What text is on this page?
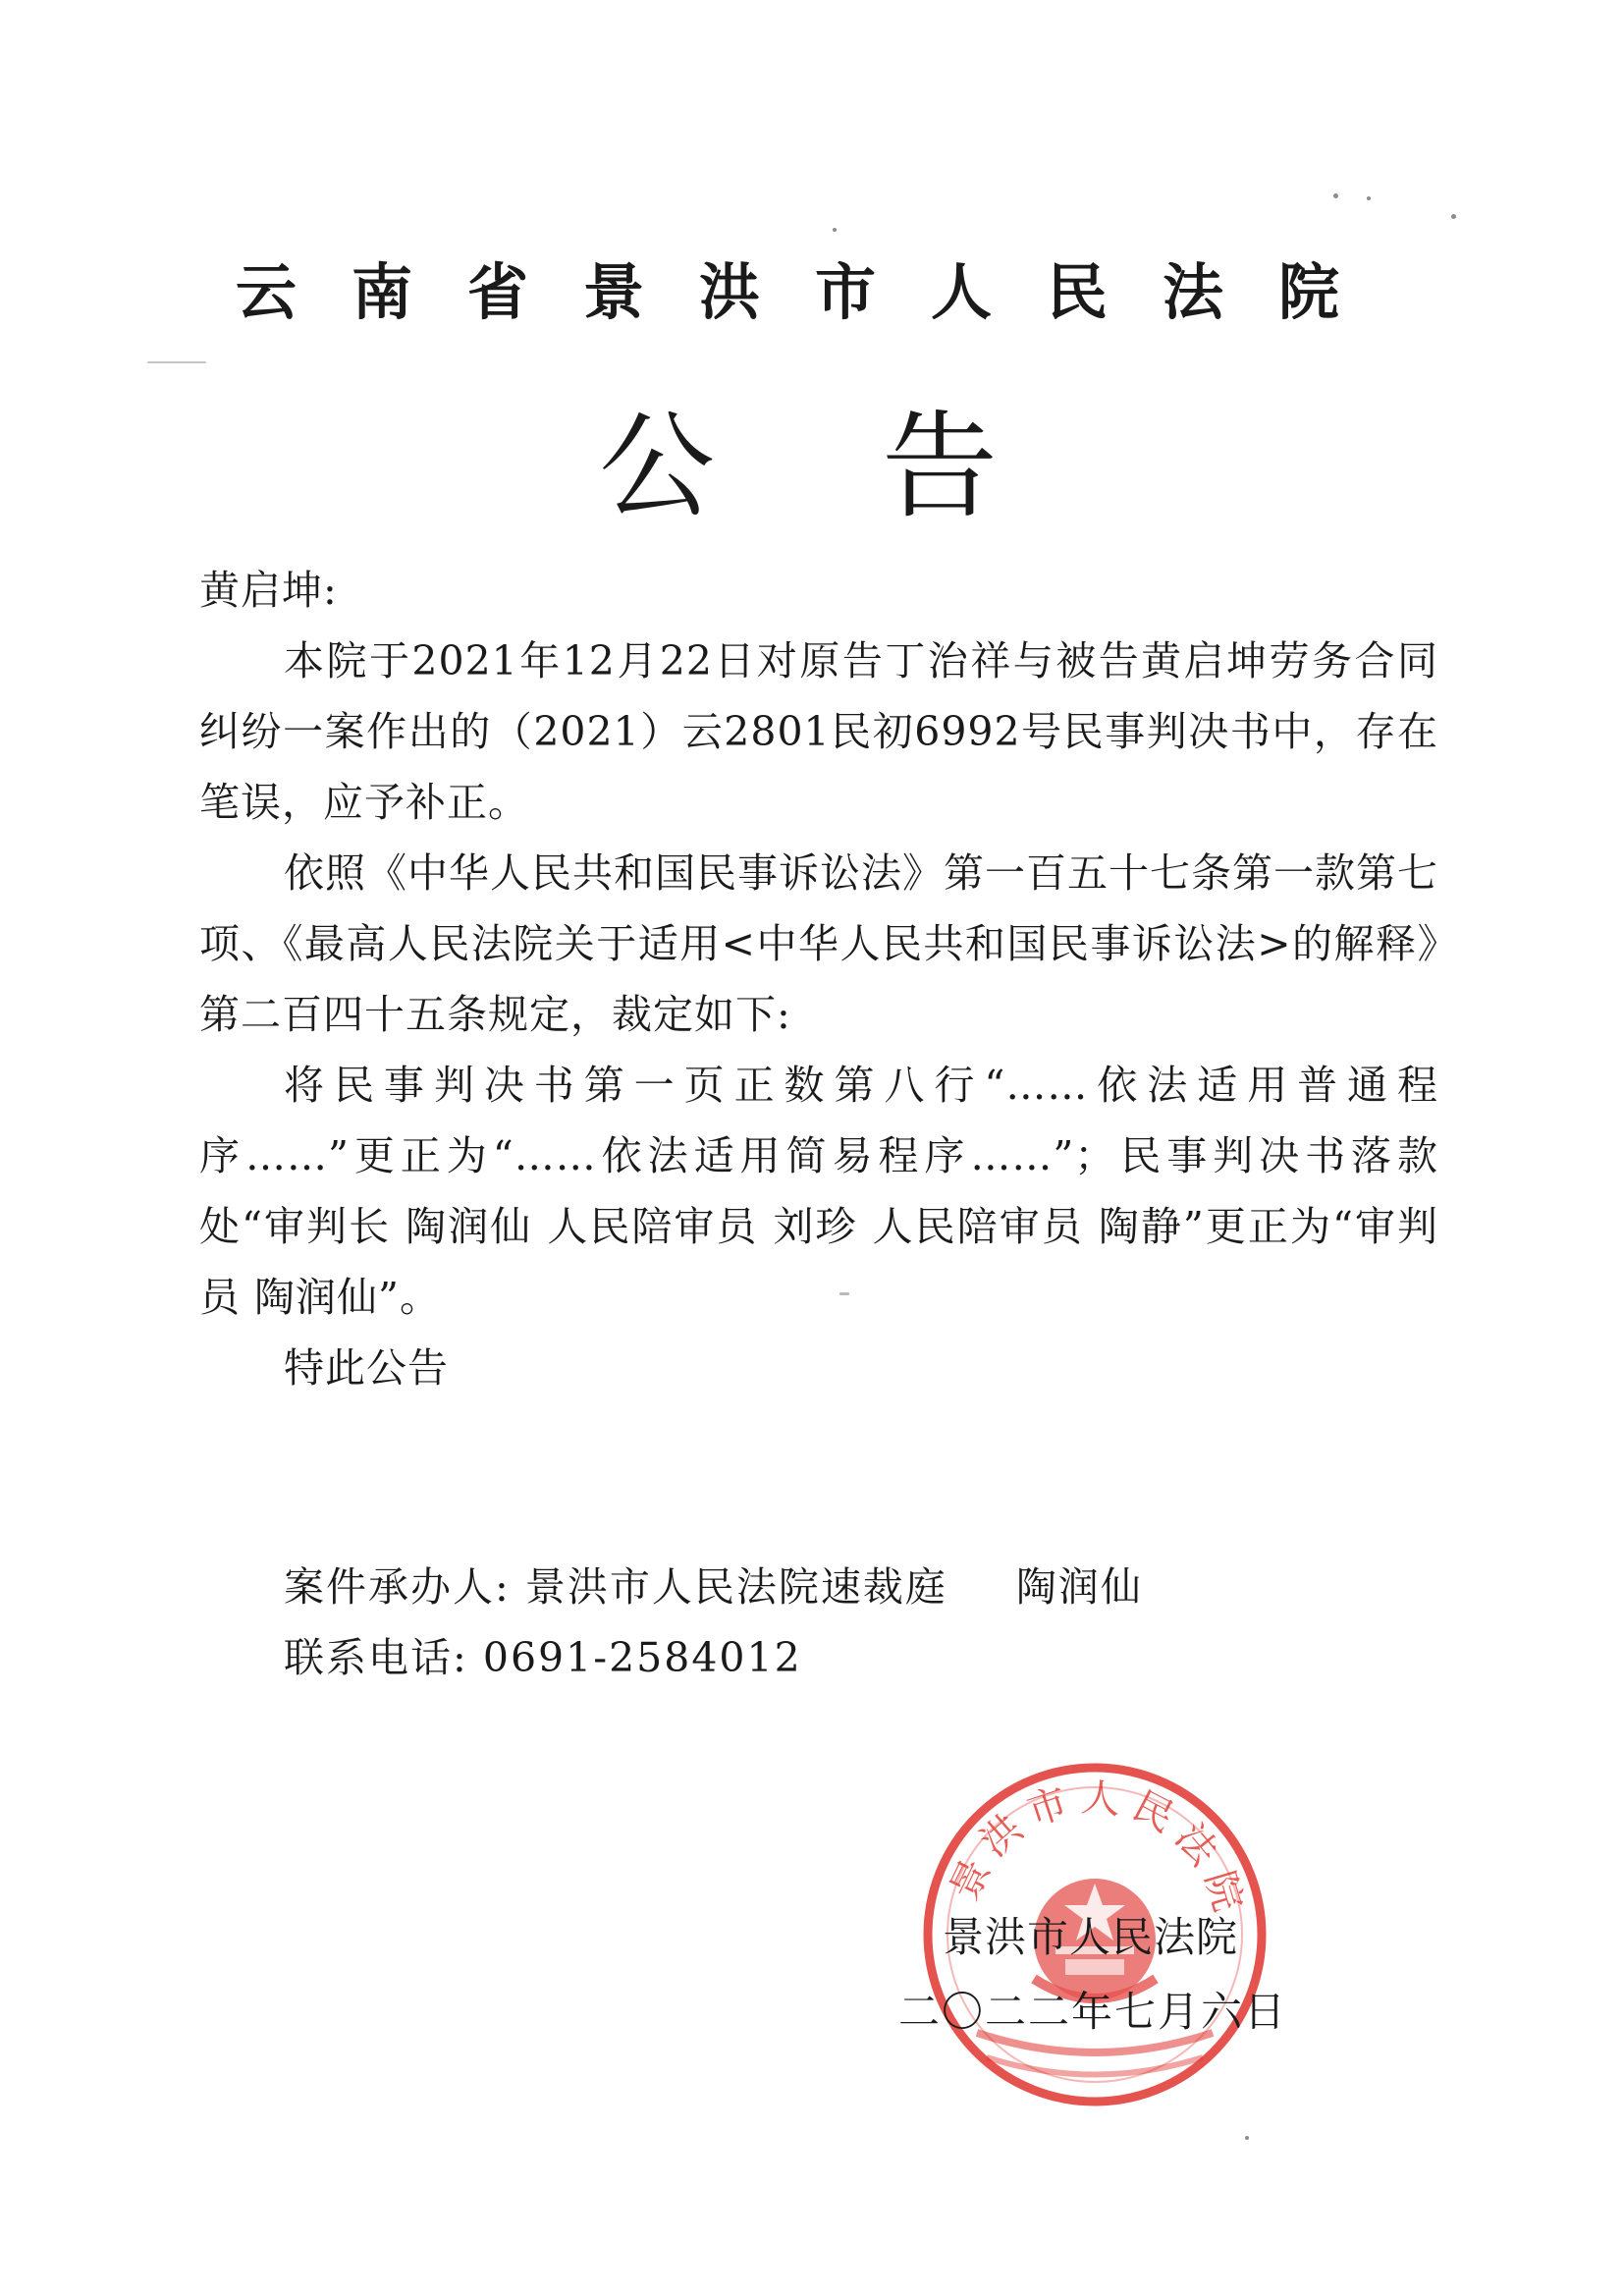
云南省景洪市人民法院
公告

黄启坤:

本院于2021年12月22日对原告丁治祥与被告黄启坤劳务合同纠纷一案作出的（2021）云2801民初6992号民事判决书中，存在笔误，应予补正。

依照《中华人民共和国民事诉讼法》第一百五十七条第一款第七项、《最高人民法院关于适用<中华人民共和国民事诉讼法>的解释》第二百四十五条规定，裁定如下:

将民事判决书第一页正数第八行“……依法适用普通程序……”更正为“……依法适用简易程序……”；民事判决书落款处“审判长 陶润仙 人民陪审员 刘珍 人民陪审员 陶静”更正为“审判员 陶润仙”。

特此公告

案件承办人: 景洪市人民法院速裁庭 陶润仙
联系电话: 0691-2584012
景洪市人民法院
景洪市人民法院
二〇二二年七月六日
